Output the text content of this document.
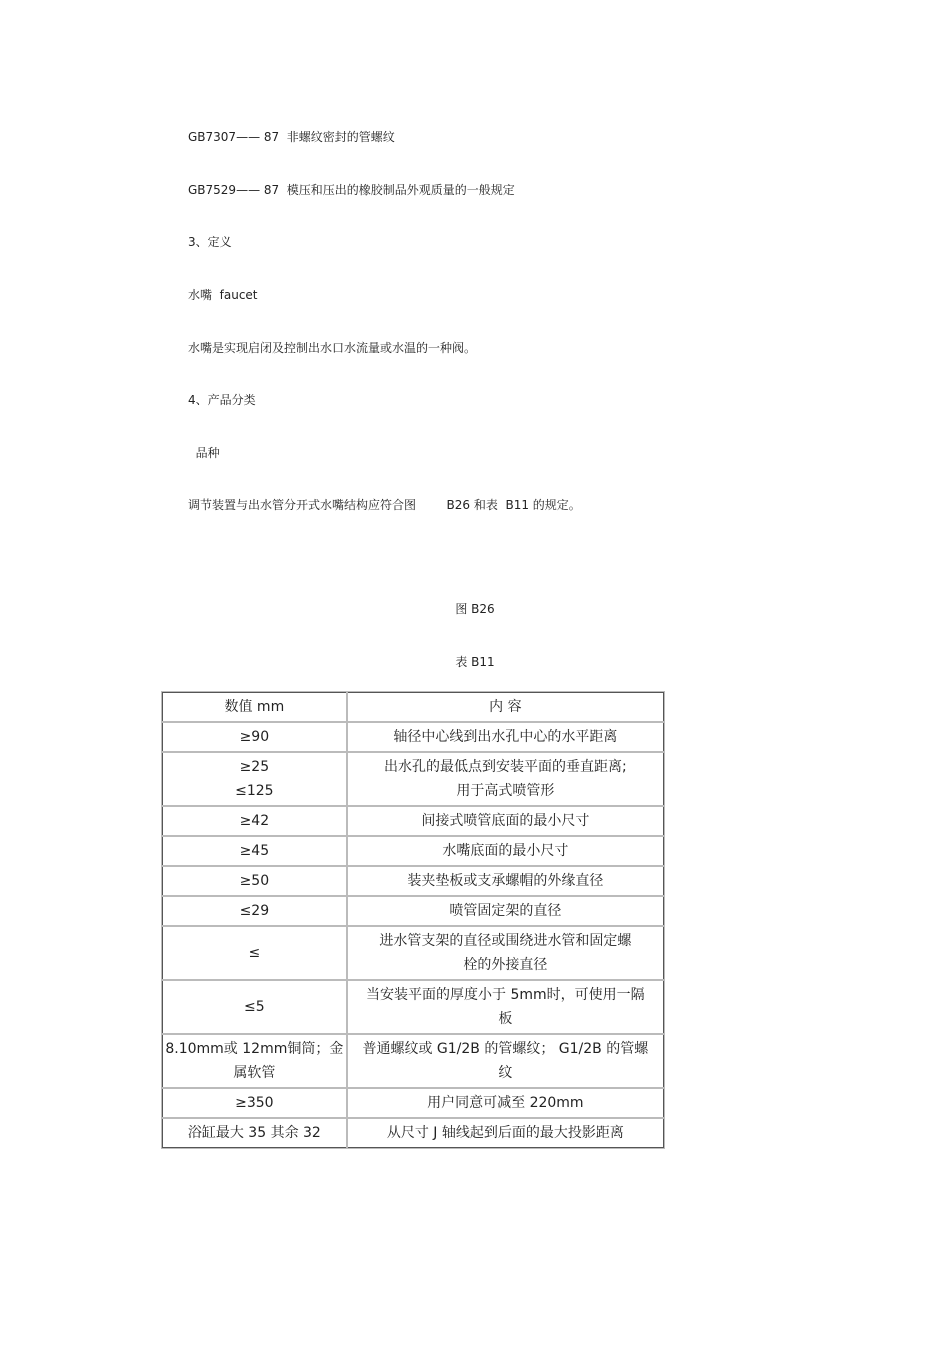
GB7307—— 87  非螺纹密封的管螺纹
GB7529—— 87  模压和压出的橡胶制品外观质量的一般规定
3、定义
水嘴  faucet
水嘴是实现启闭及控制出水口水流量或水温的一种阀。
4、产品分类
品种
调节装置与出水管分开式水嘴结构应符合图        B26 和表  B11 的规定。
图 B26
表 B11
数值 mm	内 容
≥90	轴径中心线到出水孔中心的水平距离
≥25
≤125	出水孔的最低点到安装平面的垂直距离;
用于高式喷管形
≥42	间接式喷管底面的最小尺寸
≥45	水嘴底面的最小尺寸
≥50	装夹垫板或支承螺帽的外缘直径
≤29	喷管固定架的直径
≤	进水管支架的直径或围绕进水管和固定螺
栓的外接直径
≤5	当安装平面的厚度小于 5mm时，可使用一隔
板
8.10mm或 12mm铜筒；金
属软管	普通螺纹或 G1/2B 的管螺纹； G1/2B 的管螺
纹
≥350	用户同意可减至 220mm
浴缸最大 35 其余 32	从尺寸 J 轴线起到后面的最大投影距离
